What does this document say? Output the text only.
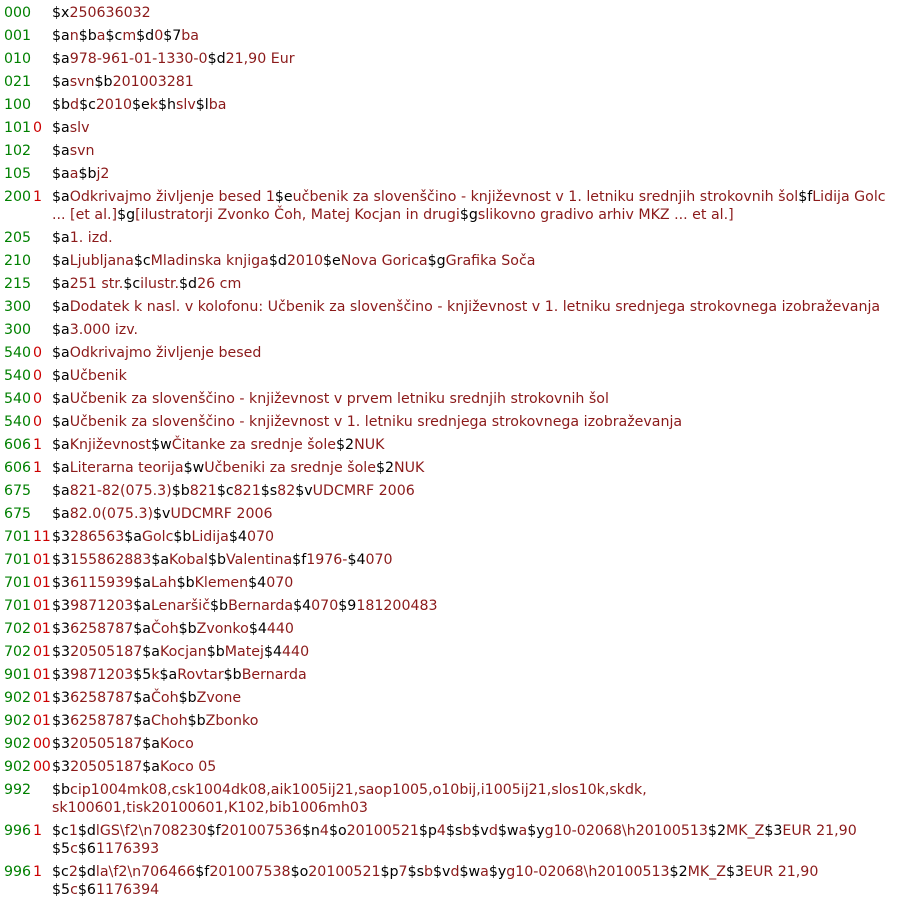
000 $x250636032
001 $an$ba$cm$d0$7ba
010 $a978-961-01-1330-0$d21,90 Eur
021 $asvn$b201003281
100 $bd$c2010$ek$hslv$lba
101 0 $aslv
102 $asvn
105 $aa$bj2
200 1 $aOdkrivajmo življenje besed 1$eučbenik za slovenščino - književnost v 1. letniku srednjih strokovnih šol$fLidija Golc ... [et al.]$g[ilustratorji Zvonko Čoh, Matej Kocjan in drugi$gslikovno gradivo arhiv MKZ ... et al.]
205 $a1. izd.
210 $aLjubljana$cMladinska knjiga$d2010$eNova Gorica$gGrafika Soča
215 $a251 str.$cilustr.$d26 cm
300 $aDodatek k nasl. v kolofonu: Učbenik za slovenščino - književnost v 1. letniku srednjega strokovnega izobraževanja
300 $a3.000 izv.
540 0 $aOdkrivajmo življenje besed
540 0 $aUčbenik
540 0 $aUčbenik za slovenščino - književnost v prvem letniku srednjih strokovnih šol
540 0 $aUčbenik za slovenščino - književnost v 1. letniku srednjega strokovnega izobraževanja
606 1 $aKnjiževnost$wČitanke za srednje šole$2NUK
606 1 $aLiterarna teorija$wUčbeniki za srednje šole$2NUK
675 $a821-82(075.3)$b821$c821$s82$vUDCMRF 2006
675 $a82.0(075.3)$vUDCMRF 2006
701 11 $3286563$aGolc$bLidija$4070
701 01 $3155862883$aKobal$bValentina$f1976-$4070
701 01 $36115939$aLah$bKlemen$4070
701 01 $39871203$aLenaršič$bBernarda$4070$9181200483
702 01 $36258787$aČoh$bZvonko$4440
702 01 $320505187$aKocjan$bMatej$4440
901 01 $39871203$5k$aRovtar$bBernarda
902 01 $36258787$aČoh$bZvone
902 01 $36258787$aChoh$bZbonko
902 00 $320505187$aKoco
902 00 $320505187$aKoco 05
992 $bcip1004mk08,csk1004dk08,aik1005ij21,saop1005,o10bij,i1005ij21,slos10k,skdk, sk100601,tisk20100601,K102,bib1006mh03
996 1 $c1$dlGS\f2\n708230$f201007536$n4$o20100521$p4$sb$vd$wa$yg10-02068\h20100513$2MK_Z$3EUR 21,90 $5c$61176393
996 1 $c2$dla\f2\n706466$f201007538$o20100521$p7$sb$vd$wa$yg10-02068\h20100513$2MK_Z$3EUR 21,90 $5c$61176394
